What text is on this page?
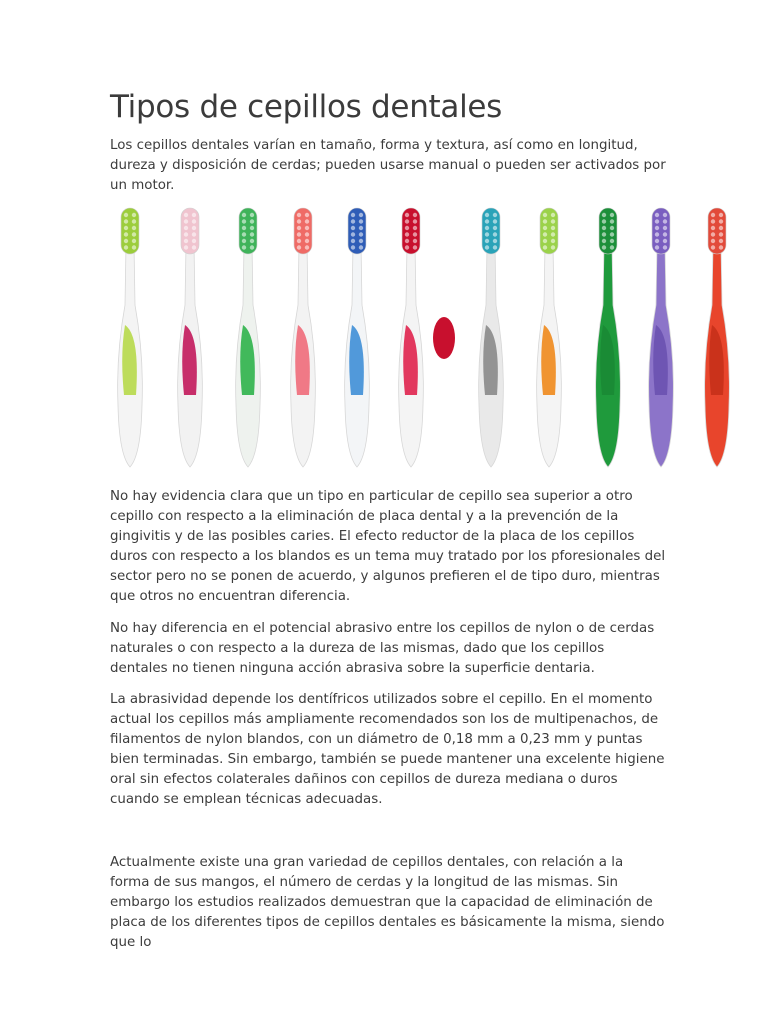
Tipos de cepillos dentales

Los cepillos dentales varían en tamaño, forma y textura, así como en longitud, dureza y disposición de cerdas; pueden usarse manual o pueden ser activados por un motor.

No hay evidencia clara que un tipo en particular de cepillo sea superior a otro cepillo con respecto a la eliminación de placa dental y a la prevención de la gingivitis y de las posibles caries. El efecto reductor de la placa de los cepillos duros con respecto a los blandos es un tema muy tratado por los pforesionales del sector pero no se ponen de acuerdo, y algunos prefieren el de tipo duro, mientras que otros no encuentran diferencia.

No hay diferencia en el potencial abrasivo entre los cepillos de nylon o de cerdas naturales o con respecto a la dureza de las mismas, dado que los cepillos dentales no tienen ninguna acción abrasiva sobre la superficie dentaria.

La abrasividad depende los dentífricos utilizados sobre el cepillo. En el momento actual los cepillos más ampliamente recomendados son los de multipenachos, de filamentos de nylon blandos, con un diámetro de 0,18 mm a 0,23 mm y puntas bien terminadas. Sin embargo, también se puede mantener una excelente higiene oral sin efectos colaterales dañinos con cepillos de dureza mediana o duros cuando se emplean técnicas adecuadas.

Actualmente existe una gran variedad de cepillos dentales, con relación a la forma de sus mangos, el número de cerdas y la longitud de las mismas. Sin embargo los estudios realizados demuestran que la capacidad de eliminación de placa de los diferentes tipos de cepillos dentales es básicamente la misma, siendo que lo
